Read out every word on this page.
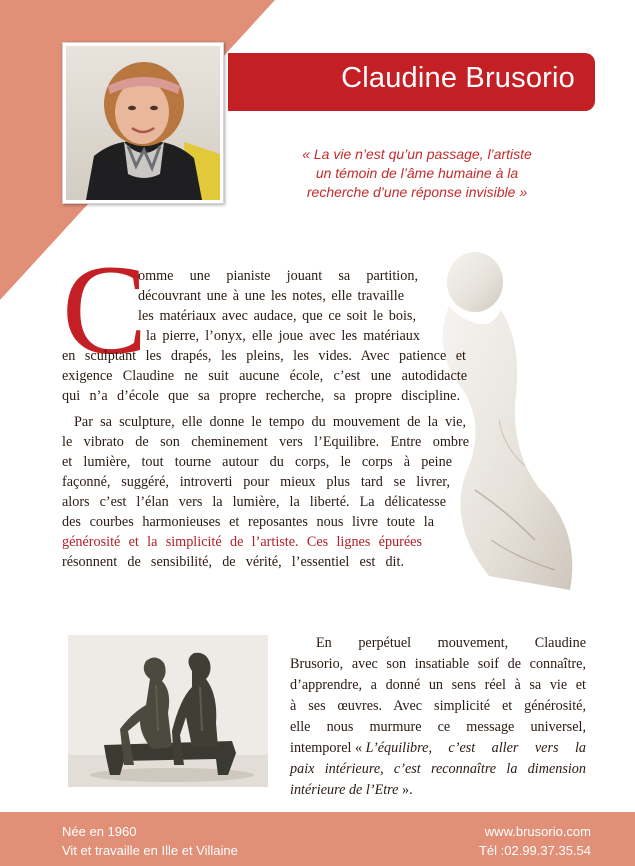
Claudine Brusorio
« La vie n’est qu’un passage, l’artiste
un témoin de l’âme humaine à la
recherche d’une réponse invisible »
C
omme une pianiste jouant sa partition,
découvrant une à une les notes, elle travaille
les matériaux avec audace, que ce soit le bois,
la pierre, l’onyx, elle joue avec les matériaux
en sculptant les drapés, les pleins, les vides. Avec patience et
exigence Claudine ne suit aucune école, c’est une autodidacte
qui n’a d’école que sa propre recherche, sa propre discipline.
Par sa sculpture, elle donne le tempo du mouvement de la vie,
le vibrato de son cheminement vers l’Equilibre. Entre ombre
et lumière, tout tourne autour du corps, le corps à peine
façonné, suggéré, introverti pour mieux plus tard se livrer,
alors c’est l’élan vers la lumière, la liberté. La délicatesse
des courbes harmonieuses et reposantes nous livre toute la
générosité et la simplicité de l’artiste. Ces lignes épurées
résonnent de sensibilité, de vérité, l’essentiel est dit.
En perpétuel mouvement, Claudine
Brusorio, avec son insatiable soif de connaître,
d’apprendre, a donné un sens réel à sa vie et
à ses œuvres. Avec simplicité et générosité,
elle nous murmure ce message universel,
intemporel « L’équilibre, c’est aller vers la
paix intérieure, c’est reconnaître la dimension
intérieure de l’Etre ».
Née en 1960
Vit et travaille en Ille et Villaine
www.brusorio.com
Tél :02.99.37.35.54
